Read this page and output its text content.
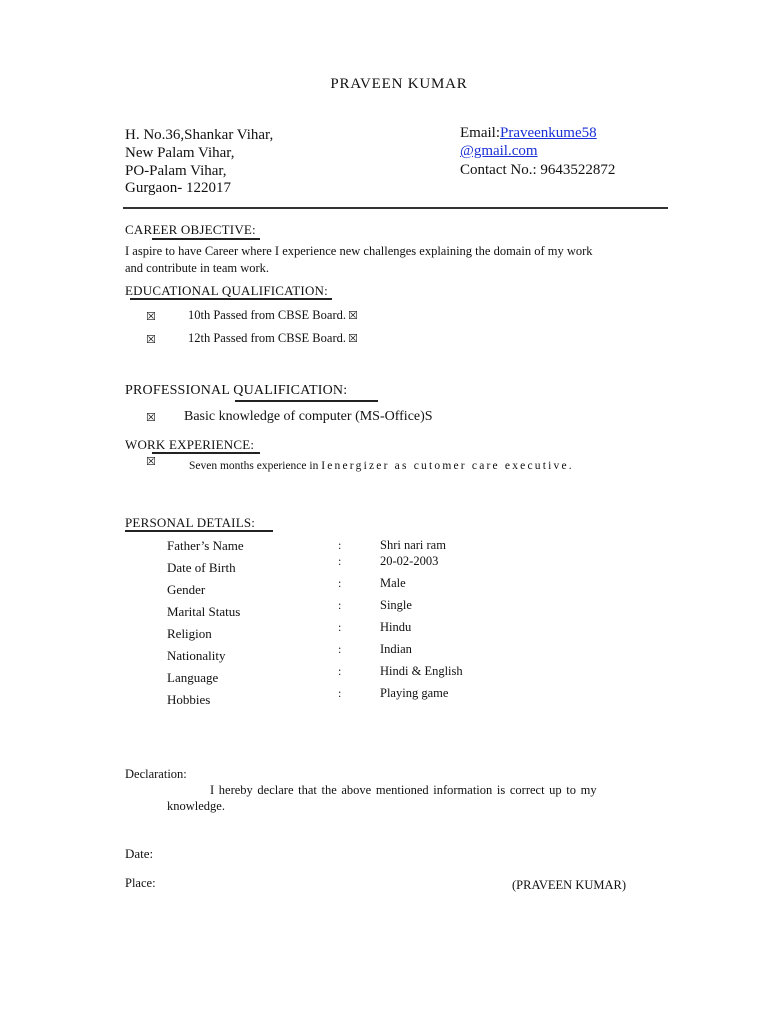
PRAVEEN KUMAR
H. No.36,Shankar Vihar,
New Palam Vihar,
PO-Palam Vihar,
Gurgaon- 122017
Email:Praveenkume58
@gmail.com
Contact No.: 9643522872
CAREER OBJECTIVE:
I aspire to have Career where I experience new challenges explaining the domain of my work
and contribute in team work.
EDUCATIONAL QUALIFICATION:
☒	10th Passed from CBSE Board. ☒
☒	12th Passed from CBSE Board. ☒
PROFESSIONAL QUALIFICATION:
☒ Basic knowledge of computer (MS-Office)S
WORK EXPERIENCE:
☒	Seven months experience in Ienergizer as cutomer care executive.
PERSONAL DETAILS:
Father’s Name	:	Shri nari ram
Date of Birth	:	20-02-2003
Gender	:	Male
Marital Status	:	Single
Religion	:	Hindu
Nationality	:	Indian
Language	:	Hindi & English
Hobbies	:	Playing game
Declaration:
I hereby declare that the above mentioned information is correct up to my
knowledge.
Date:
Place:	(PRAVEEN KUMAR)
